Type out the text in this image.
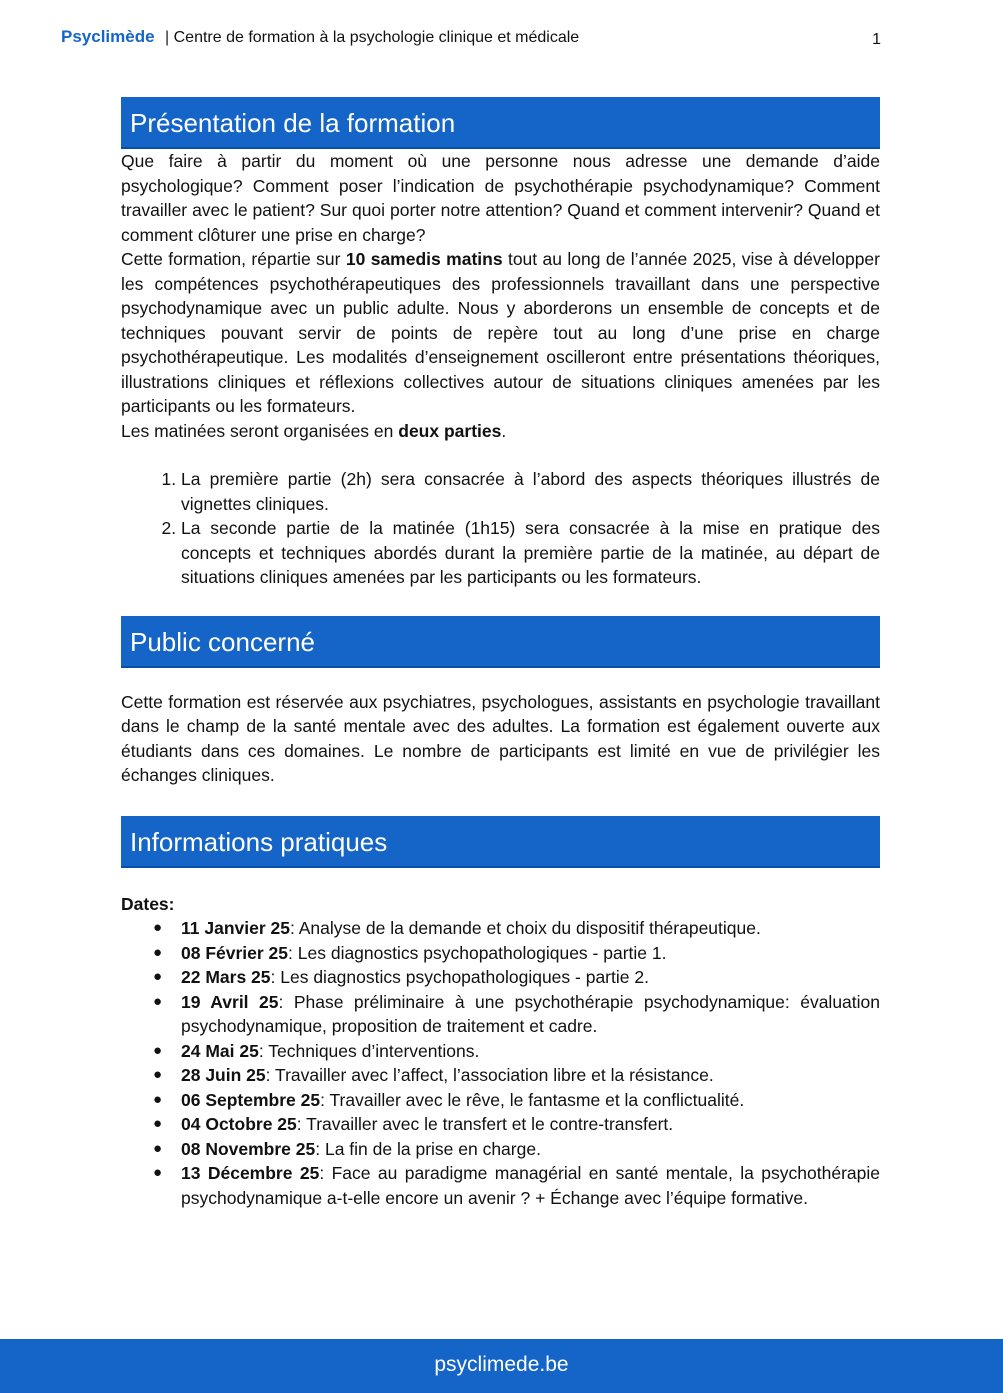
Psyclimède | Centre de formation à la psychologie clinique et médicale	1
Présentation de la formation

Que faire à partir du moment où une personne nous adresse une demande d’aide psychologique? Comment poser l’indication de psychothérapie psychodynamique? Comment travailler avec le patient? Sur quoi porter notre attention? Quand et comment intervenir? Quand et comment clôturer une prise en charge?

Cette formation, répartie sur 10 samedis matins tout au long de l’année 2025, vise à développer les compétences psychothérapeutiques des professionnels travaillant dans une perspective psychodynamique avec un public adulte. Nous y aborderons un ensemble de concepts et de techniques pouvant servir de points de repère tout au long d’une prise en charge psychothérapeutique. Les modalités d’enseignement oscilleront entre présentations théoriques, illustrations cliniques et réflexions collectives autour de situations cliniques amenées par les participants ou les formateurs.

Les matinées seront organisées en deux parties.

1. La première partie (2h) sera consacrée à l’abord des aspects théoriques illustrés de vignettes cliniques.
2. La seconde partie de la matinée (1h15) sera consacrée à la mise en pratique des concepts et techniques abordés durant la première partie de la matinée, au départ de situations cliniques amenées par les participants ou les formateurs.
Public concerné

Cette formation est réservée aux psychiatres, psychologues, assistants en psychologie travaillant dans le champ de la santé mentale avec des adultes. La formation est également ouverte aux étudiants dans ces domaines. Le nombre de participants est limité en vue de privilégier les échanges cliniques.

Informations pratiques
Dates:
● 11 Janvier 25: Analyse de la demande et choix du dispositif thérapeutique.
● 08 Février 25: Les diagnostics psychopathologiques - partie 1.
● 22 Mars 25: Les diagnostics psychopathologiques - partie 2.
● 19 Avril 25: Phase préliminaire à une psychothérapie psychodynamique: évaluation psychodynamique, proposition de traitement et cadre.
● 24 Mai 25: Techniques d’interventions.
● 28 Juin 25: Travailler avec l’affect, l’association libre et la résistance.
● 06 Septembre 25: Travailler avec le rêve, le fantasme et la conflictualité.
● 04 Octobre 25: Travailler avec le transfert et le contre-transfert.
● 08 Novembre 25: La fin de la prise en charge.
● 13 Décembre 25: Face au paradigme managérial en santé mentale, la psychothérapie psychodynamique a-t-elle encore un avenir ? + Échange avec l’équipe formative.
psyclimede.be
